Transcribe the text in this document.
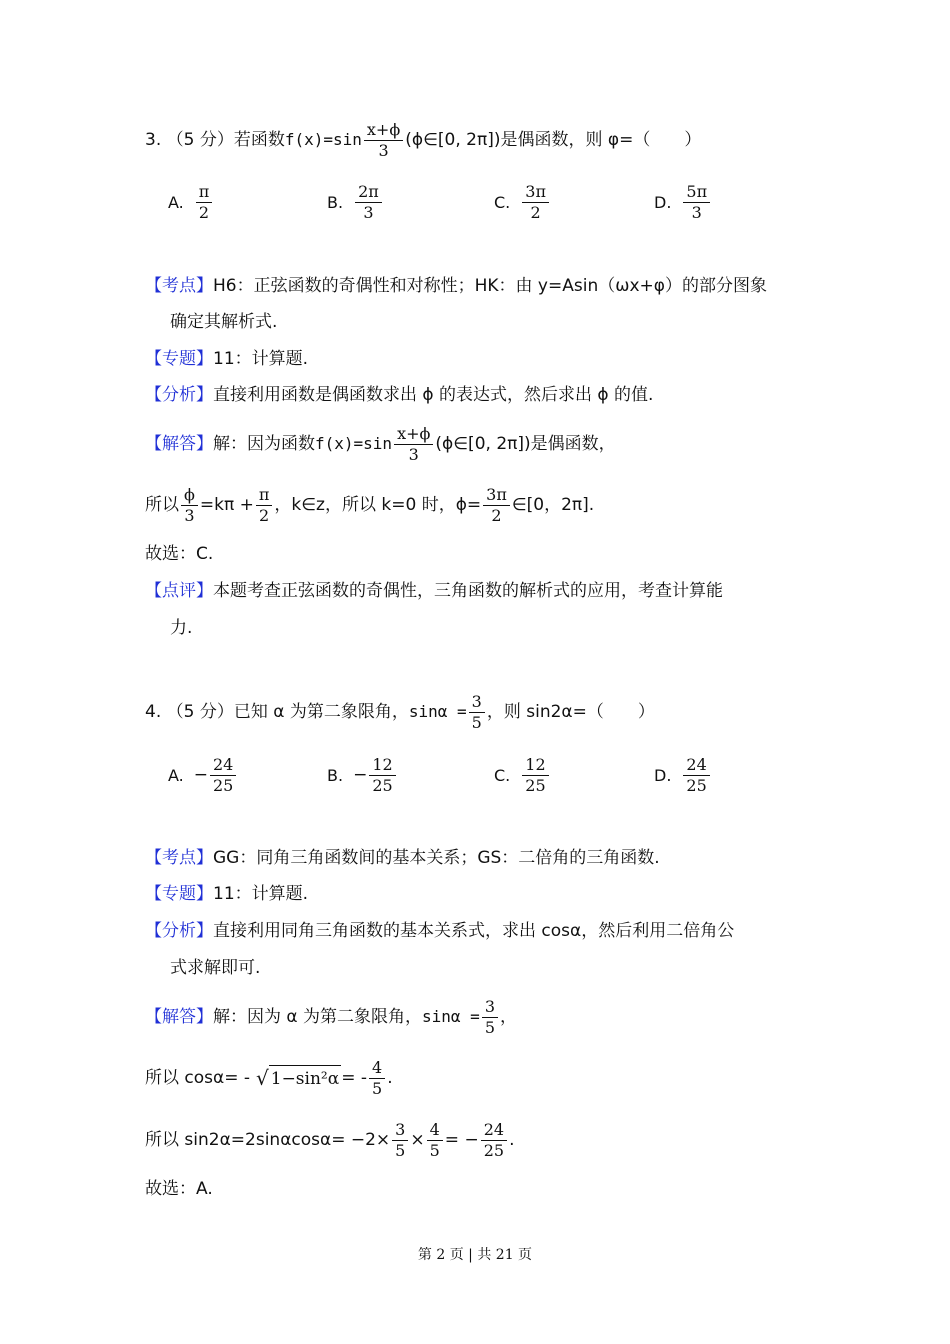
3. （5 分）若函数 $f(x)=\sin \frac{x+\phi}{3}$ (ϕ∈[0, 2π])是偶函数，则 φ=（　　）
A. $\frac{\pi}{2}$	B. $\frac{2\pi}{3}$	C. $\frac{3\pi}{2}$	D. $\frac{5\pi}{3}$
【考点】 H6：正弦函数的奇偶性和对称性；HK：由 y=Asin（ωx+φ）的部分图象
确定其解析式.
【专题】 11：计算题.
【分析】 直接利用函数是偶函数求出 ϕ 的表达式，然后求出 ϕ 的值.
【解答】 解：因为函数 $f(x)=\sin \frac{x+\phi}{3}$ (ϕ∈[0, 2π])是偶函数，
所以 $\frac{\phi}{3} =k\pi + \frac{\pi}{2}$ ，k∈z，所以 k=0 时，$\phi= \frac{3\pi}{2}$ ∈[0，2π].
故选：C.
【点评】 本题考查正弦函数的奇偶性，三角函数的解析式的应用，考查计算能
力.
4. （5 分）已知 α 为第二象限角， $\sin\alpha = \frac{3}{5}$ ，则 sin2α=（　　）
A. − $\frac{24}{25}$	B. − $\frac{12}{25}$	C. $\frac{12}{25}$	D. $\frac{24}{25}$
【考点】 GG：同角三角函数间的基本关系；GS：二倍角的三角函数.
【专题】 11：计算题.
【分析】 直接利用同角三角函数的基本关系式，求出 cosα，然后利用二倍角公
式求解即可.
【解答】 解：因为 α 为第二象限角， $\sin\alpha = \frac{3}{5}$ ，
所以 cosα= - √ 1−sin²α = - $\frac{4}{5}$ .
所以 $\sin 2\alpha=2\sin\alpha\cos\alpha= -2\times \frac{3}{5} \times \frac{4}{5}$ = − $\frac{24}{25}$ .
故选：A.
第 2 页 | 共 21 页
